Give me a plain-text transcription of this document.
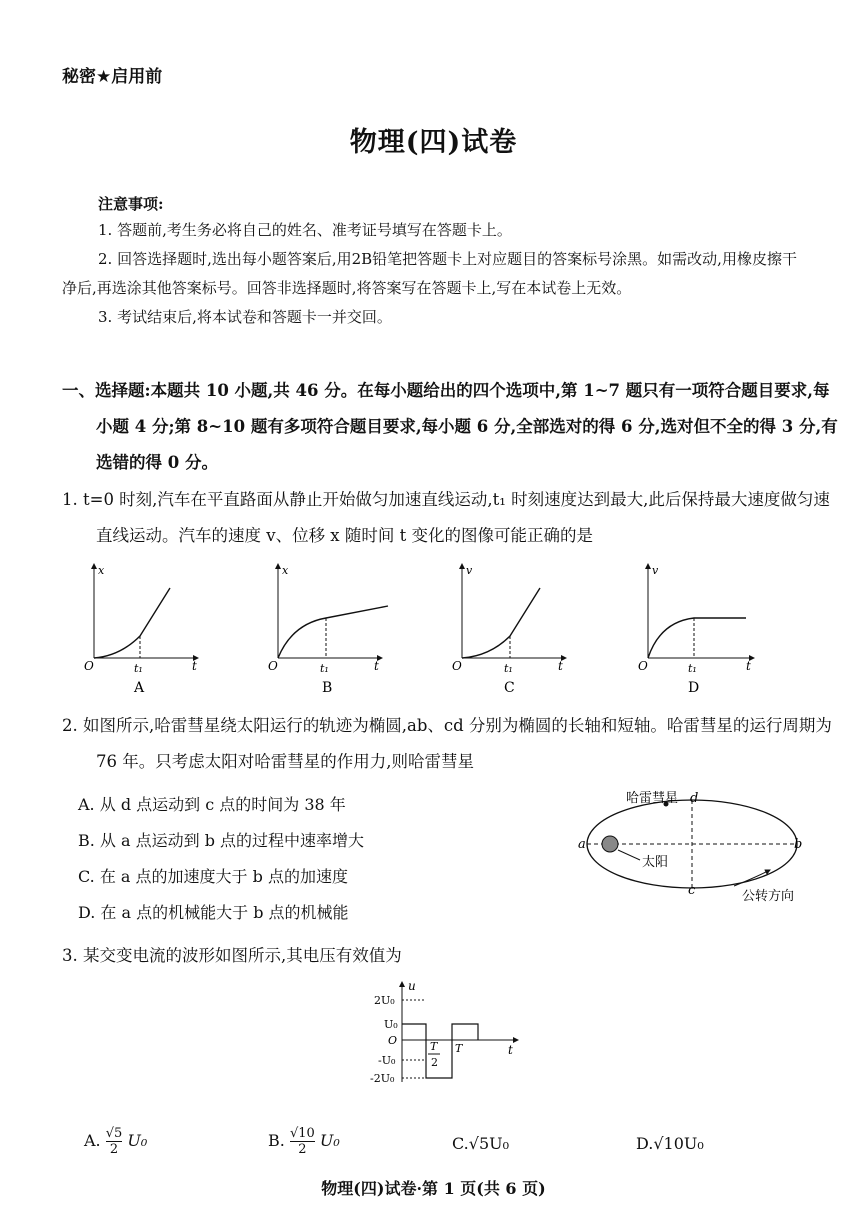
秘密★启用前
物理(四)试卷
注意事项:
1. 答题前,考生务必将自己的姓名、准考证号填写在答题卡上。
2. 回答选择题时,选出每小题答案后,用2B铅笔把答题卡上对应题目的答案标号涂黑。如需改动,用橡皮擦干净后,再选涂其他答案标号。回答非选择题时,将答案写在答题卡上,写在本试卷上无效。
3. 考试结束后,将本试卷和答题卡一并交回。
一、选择题:本题共 10 小题,共 46 分。在每小题给出的四个选项中,第 1~7 题只有一项符合题目要求,每小题 4 分;第 8~10 题有多项符合题目要求,每小题 6 分,全部选对的得 6 分,选对但不全的得 3 分,有选错的得 0 分。
1. t=0 时刻,汽车在平直路面从静止开始做匀加速直线运动,t₁ 时刻速度达到最大,此后保持最大速度做匀速直线运动。汽车的速度 v、位移 x 随时间 t 变化的图像可能正确的是
x
O	t₁	t
A
x
O	t₁	t
B
v
O	t₁	t
C
v
O	t₁	t
D
2. 如图所示,哈雷彗星绕太阳运行的轨迹为椭圆,ab、cd 分别为椭圆的长轴和短轴。哈雷彗星的运行周期为 76 年。只考虑太阳对哈雷彗星的作用力,则哈雷彗星
A. 从 d 点运动到 c 点的时间为 38 年
B. 从 a 点运动到 b 点的过程中速率增大
C. 在 a 点的加速度大于 b 点的加速度
D. 在 a 点的机械能大于 b 点的机械能
哈雷彗星 d
a	b
太阳
c	公转方向
3. 某交变电流的波形如图所示,其电压有效值为
u
2U₀
U₀
O
-U₀
-2U₀
T
2
T	t
A. $\frac{√5}{2} U_0$	B. $\frac{√10}{2} U_0$	C.√5U₀	D.√10U₀
物理(四)试卷·第 1 页(共 6 页)
